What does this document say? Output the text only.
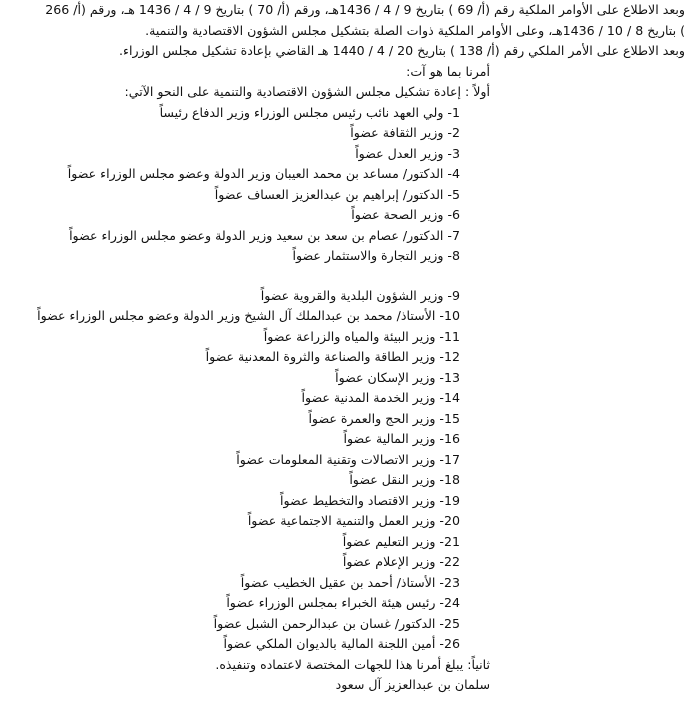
وبعد الاطلاع على الأوامر الملكية رقم (أ/ 69 ) بتاريخ 9 / 4 / 1436هـ، ورقم (أ/ 70 ) بتاريخ 9 / 4 / 1436 هـ، ورقم (أ/ 266
) بتاريخ 8 / 10 / 1436هـ، وعلى الأوامر الملكية ذوات الصلة بتشكيل مجلس الشؤون الاقتصادية والتنمية.
وبعد الاطلاع على الأمر الملكي رقم (أ/ 138 ) بتاريخ 20 / 4 / 1440 هـ القاضي بإعادة تشكيل مجلس الوزراء.
أمرنا بما هو آت:
أولاً : إعادة تشكيل مجلس الشؤون الاقتصادية والتنمية على النحو الآتي:
1- ولي العهد نائب رئيس مجلس الوزراء وزير الدفاع رئيساً
2- وزير الثقافة عضواً
3- وزير العدل عضواً
4- الدكتور/ مساعد بن محمد العيبان وزير الدولة وعضو مجلس الوزراء عضواً
5- الدكتور/ إبراهيم بن عبدالعزيز العساف عضواً
6- وزير الصحة عضواً
7- الدكتور/ عصام بن سعد بن سعيد وزير الدولة وعضو مجلس الوزراء عضواً
8- وزير التجارة والاستثمار عضواً
9- وزير الشؤون البلدية والقروية عضواً
10- الأستاذ/ محمد بن عبدالملك آل الشيخ وزير الدولة وعضو مجلس الوزراء عضواً
11- وزير البيئة والمياه والزراعة عضواً
12- وزير الطاقة والصناعة والثروة المعدنية عضواً
13- وزير الإسكان عضواً
14- وزير الخدمة المدنية عضواً
15- وزير الحج والعمرة عضواً
16- وزير المالية عضواً
17- وزير الاتصالات وتقنية المعلومات عضواً
18- وزير النقل عضواً
19- وزير الاقتصاد والتخطيط عضواً
20- وزير العمل والتنمية الاجتماعية عضواً
21- وزير التعليم عضواً
22- وزير الإعلام عضواً
23- الأستاذ/ أحمد بن عقيل الخطيب عضواً
24- رئيس هيئة الخبراء بمجلس الوزراء عضواً
25- الدكتور/ غسان بن عبدالرحمن الشبل عضواً
26- أمين اللجنة المالية بالديوان الملكي عضواً
ثانياً: يبلغ أمرنا هذا للجهات المختصة لاعتماده وتنفيذه.
سلمان بن عبدالعزيز آل سعود
